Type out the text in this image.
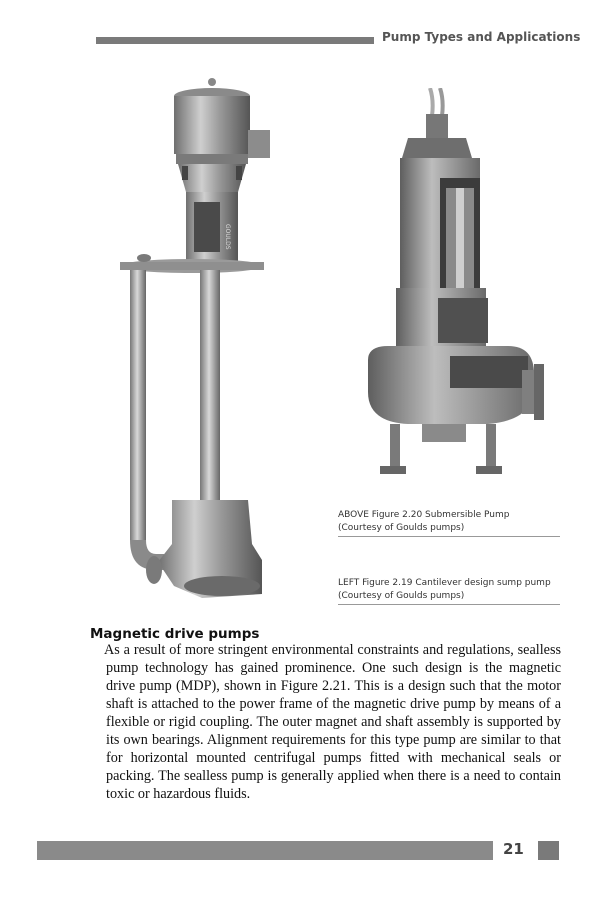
Pump Types and Applications
GOULDS
ABOVE Figure 2.20 Submersible Pump
(Courtesy of Goulds pumps)
LEFT Figure 2.19 Cantilever design sump pump
(Courtesy of Goulds pumps)
Magnetic drive pumps
As a result of more stringent environmental constraints and regulations, sealless pump technology has gained prominence. One such design is the magnetic drive pump (MDP), shown in Figure 2.21. This is a design such that the motor shaft is attached to the power frame of the magnetic drive pump by means of a flexible or rigid coupling. The outer magnet and shaft assembly is supported by its own bearings. Alignment requirements for this type pump are similar to that for horizontal mounted centrifugal pumps fitted with mechanical seals or packing. The sealless pump is generally applied when there is a need to contain toxic or hazardous fluids.
21
